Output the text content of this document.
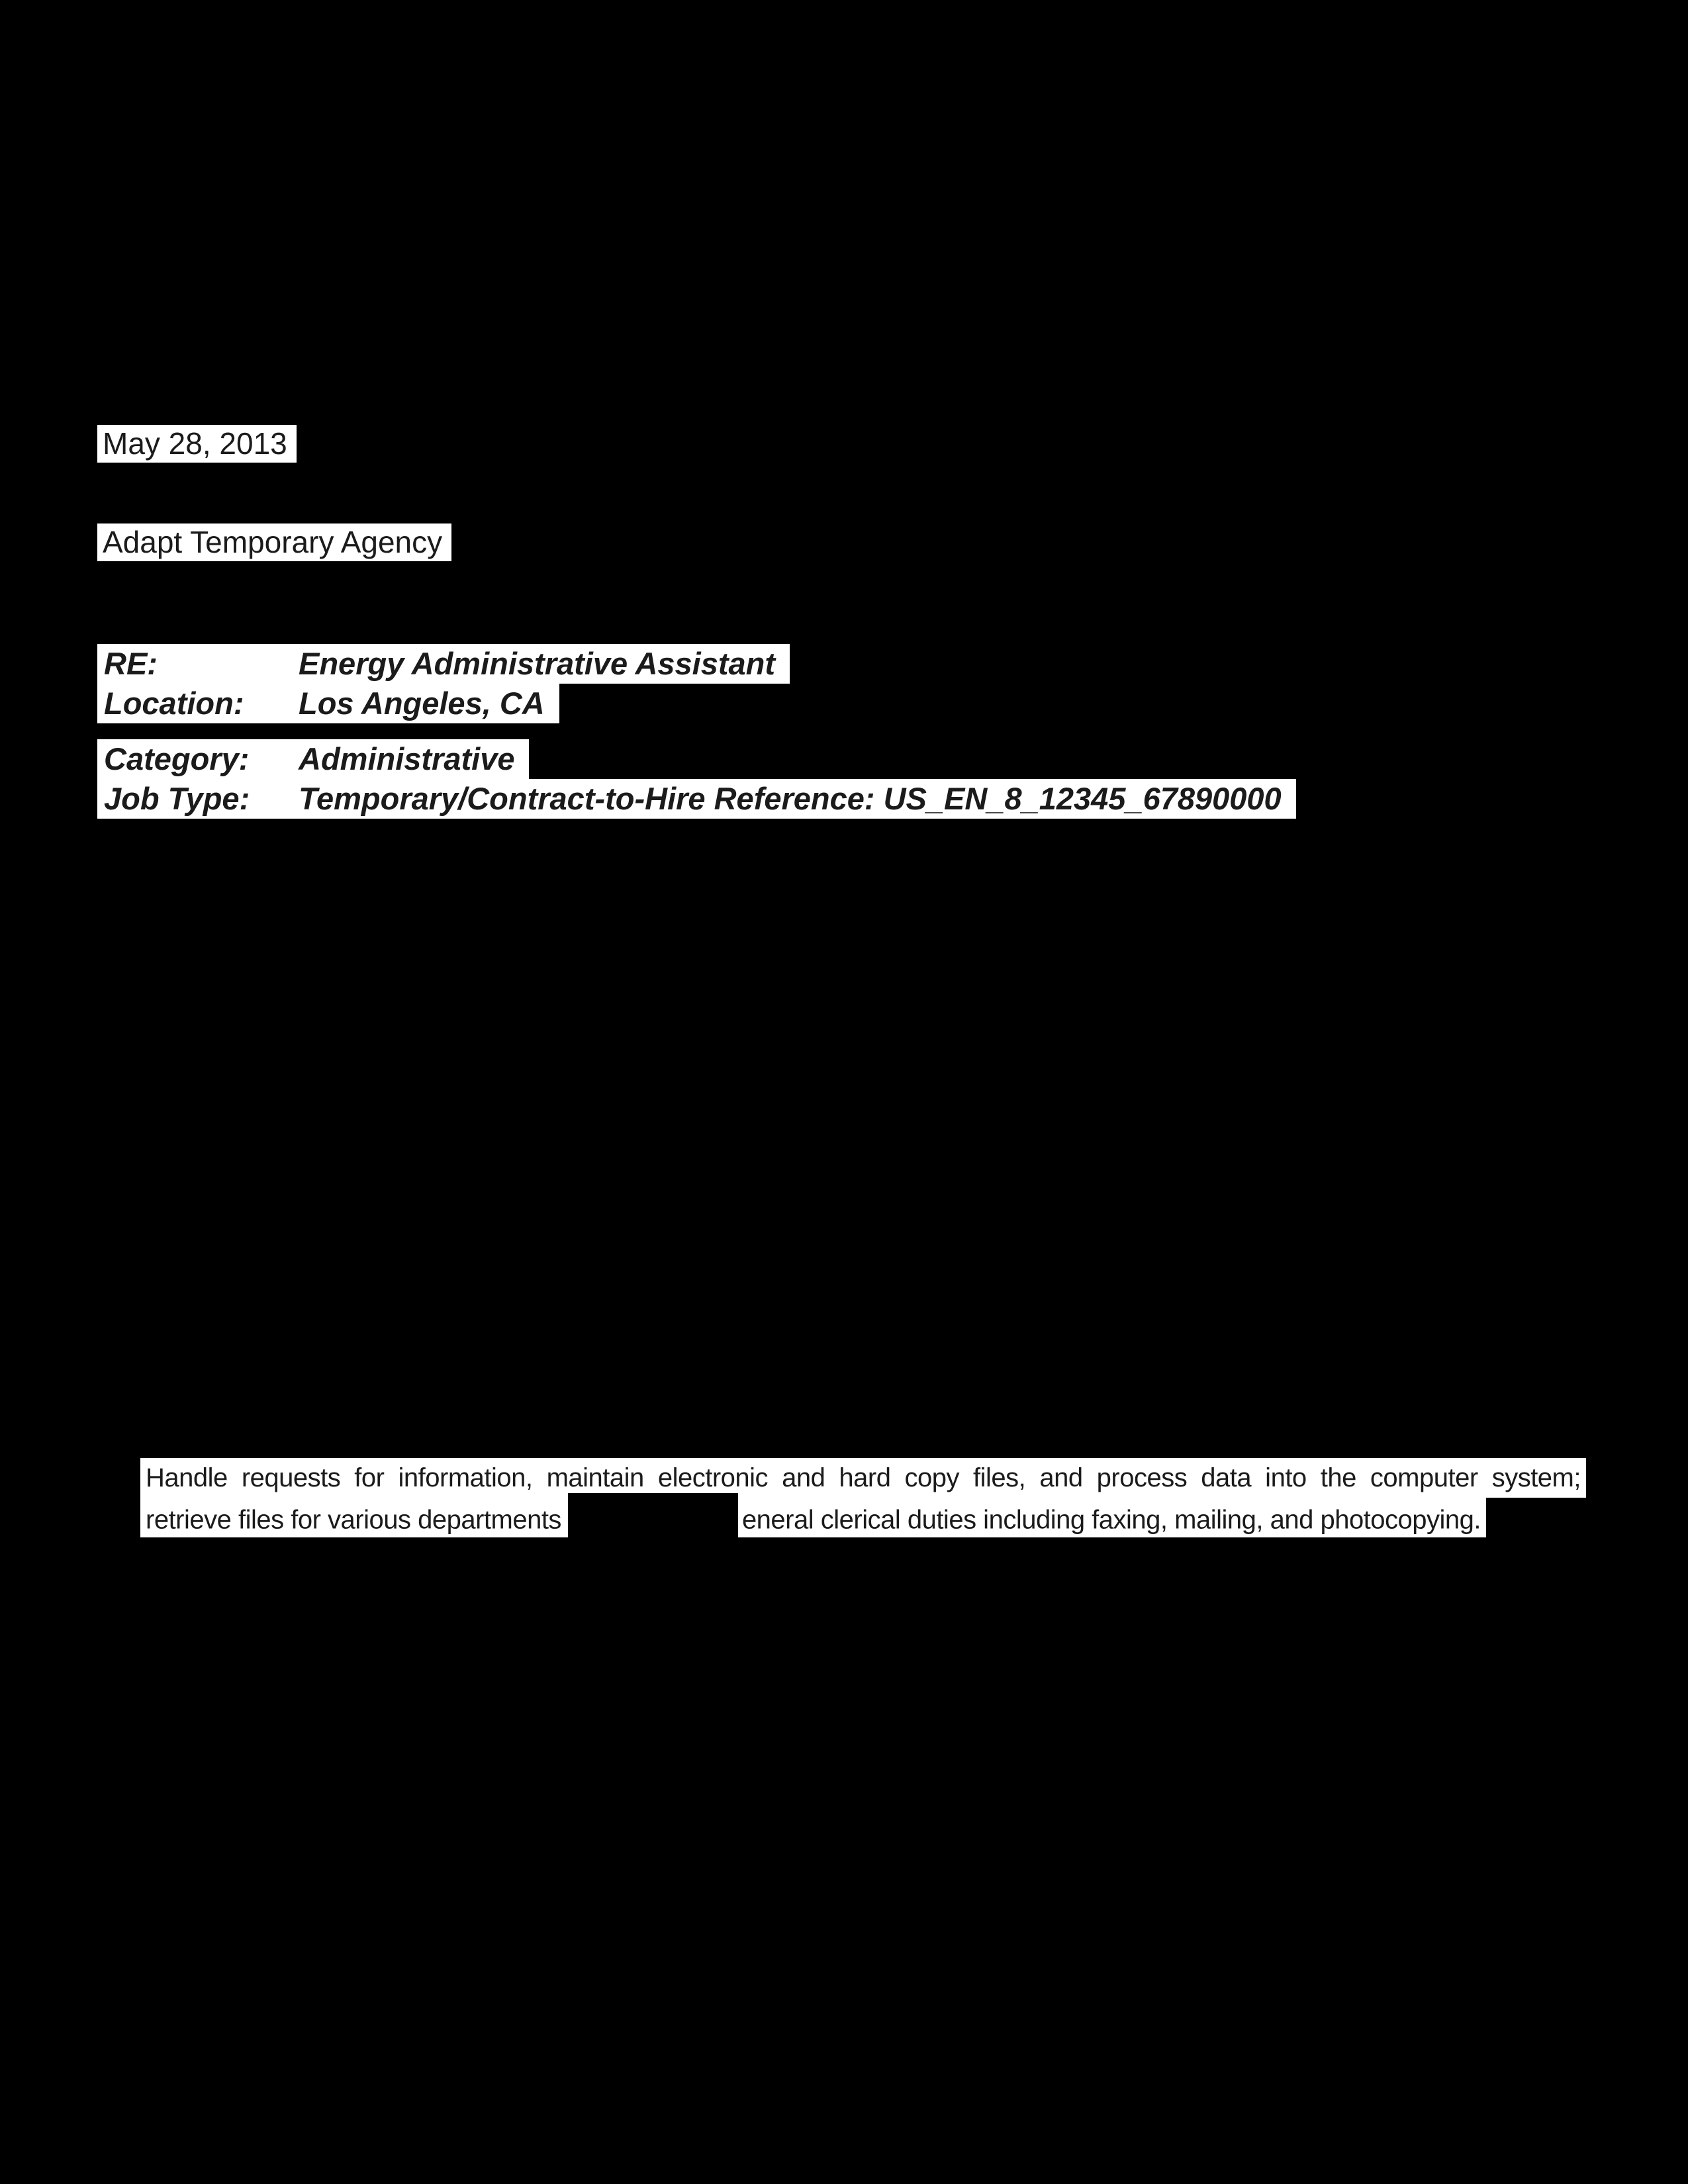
May 28, 2013
Adapt Temporary Agency
RE:	Energy Administrative Assistant
Location:	Los Angeles, CA
Category:	Administrative
Job Type:	Temporary/Contract-to-Hire Reference: US_EN_8_12345_67890000
Handle requests for information, maintain electronic and hard copy files, and process data into the computer system;
retrieve files for various departments	eneral clerical duties including faxing, mailing, and photocopying.
